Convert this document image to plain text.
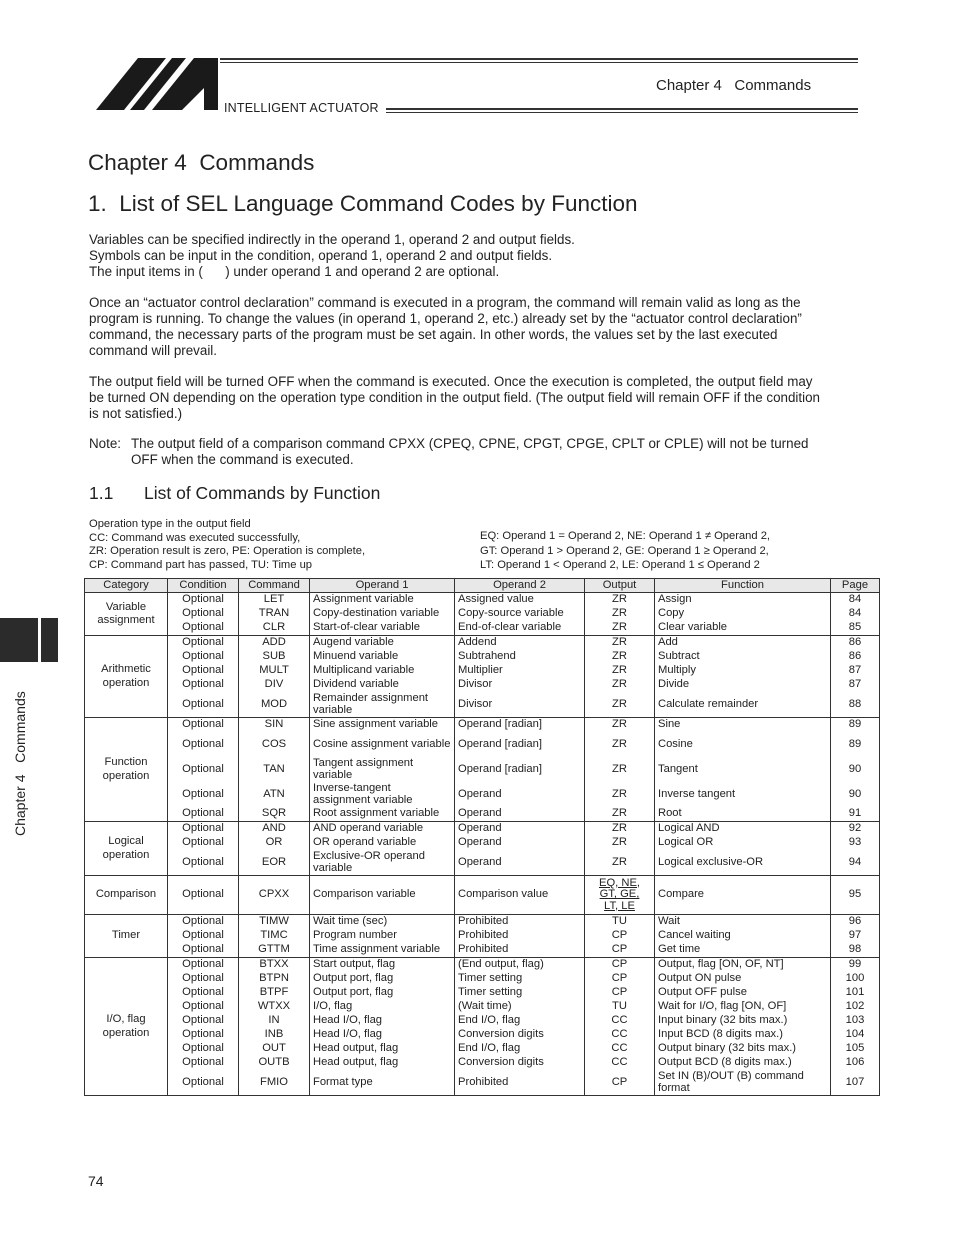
INTELLIGENT ACTUATOR
Chapter 4   Commands
Chapter 4   Commands
Chapter 4  Commands
1.  List of SEL Language Command Codes by Function
Variables can be specified indirectly in the operand 1, operand 2 and output fields.
Symbols can be input in the condition, operand 1, operand 2 and output fields.
The input items in (      ) under operand 1 and operand 2 are optional.
Once an “actuator control declaration” command is executed in a program, the command will remain valid as long as the
program is running. To change the values (in operand 1, operand 2, etc.) already set by the “actuator control declaration”
command, the necessary parts of the program must be set again. In other words, the values set by the last executed
command will prevail.
The output field will be turned OFF when the command is executed. Once the execution is completed, the output field may
be turned ON depending on the operation type condition in the output field. (The output field will remain OFF if the condition
is not satisfied.)
Note: The output field of a comparison command CPXX (CPEQ, CPNE, CPGT, CPGE, CPLT or CPLE) will not be turned
OFF when the command is executed.
1.1 List of Commands by Function
Operation type in the output field
CC: Command was executed successfully,
ZR: Operation result is zero, PE: Operation is complete,
CP: Command part has passed, TU: Time up
EQ: Operand 1 = Operand 2, NE: Operand 1 ≠ Operand 2,
GT: Operand 1 > Operand 2, GE: Operand 1 ≥ Operand 2,
LT: Operand 1 < Operand 2, LE: Operand 1 ≤ Operand 2
Category	Condition	Command	Operand 1	Operand 2	Output	Function	Page
Variable assignment	Optional	LET	Assignment variable	Assigned value	ZR	Assign	84
	Optional	TRAN	Copy-destination variable	Copy-source variable	ZR	Copy	84
	Optional	CLR	Start-of-clear variable	End-of-clear variable	ZR	Clear variable	85
Arithmetic operation	Optional	ADD	Augend variable	Addend	ZR	Add	86
	Optional	SUB	Minuend variable	Subtrahend	ZR	Subtract	86
	Optional	MULT	Multiplicand variable	Multiplier	ZR	Multiply	87
	Optional	DIV	Dividend variable	Divisor	ZR	Divide	87
	Optional	MOD	Remainder assignment variable	Divisor	ZR	Calculate remainder	88
Function operation	Optional	SIN	Sine assignment variable	Operand [radian]	ZR	Sine	89
	Optional	COS	Cosine assignment variable	Operand [radian]	ZR	Cosine	89
	Optional	TAN	Tangent assignment variable	Operand [radian]	ZR	Tangent	90
	Optional	ATN	Inverse-tangent assignment variable	Operand	ZR	Inverse tangent	90
	Optional	SQR	Root assignment variable	Operand	ZR	Root	91
Logical operation	Optional	AND	AND operand variable	Operand	ZR	Logical AND	92
	Optional	OR	OR operand variable	Operand	ZR	Logical OR	93
	Optional	EOR	Exclusive-OR operand variable	Operand	ZR	Logical exclusive-OR	94
Comparison	Optional	CPXX	Comparison variable	Comparison value	EQ, NE,
GT, GE,
LT, LE	Compare	95
Timer	Optional	TIMW	Wait time (sec)	Prohibited	TU	Wait	96
	Optional	TIMC	Program number	Prohibited	CP	Cancel waiting	97
	Optional	GTTM	Time assignment variable	Prohibited	CP	Get time	98
I/O, flag operation	Optional	BTXX	Start output, flag	(End output, flag)	CP	Output, flag [ON, OF, NT]	99
	Optional	BTPN	Output port, flag	Timer setting	CP	Output ON pulse	100
	Optional	BTPF	Output port, flag	Timer setting	CP	Output OFF pulse	101
	Optional	WTXX	I/O, flag	(Wait time)	TU	Wait for I/O, flag [ON, OF]	102
	Optional	IN	Head I/O, flag	End I/O, flag	CC	Input binary (32 bits max.)	103
	Optional	INB	Head I/O, flag	Conversion digits	CC	Input BCD (8 digits max.)	104
	Optional	OUT	Head output, flag	End I/O, flag	CC	Output binary (32 bits max.)	105
	Optional	OUTB	Head output, flag	Conversion digits	CC	Output BCD (8 digits max.)	106
	Optional	FMIO	Format type	Prohibited	CP	Set IN (B)/OUT (B) command format	107
74
